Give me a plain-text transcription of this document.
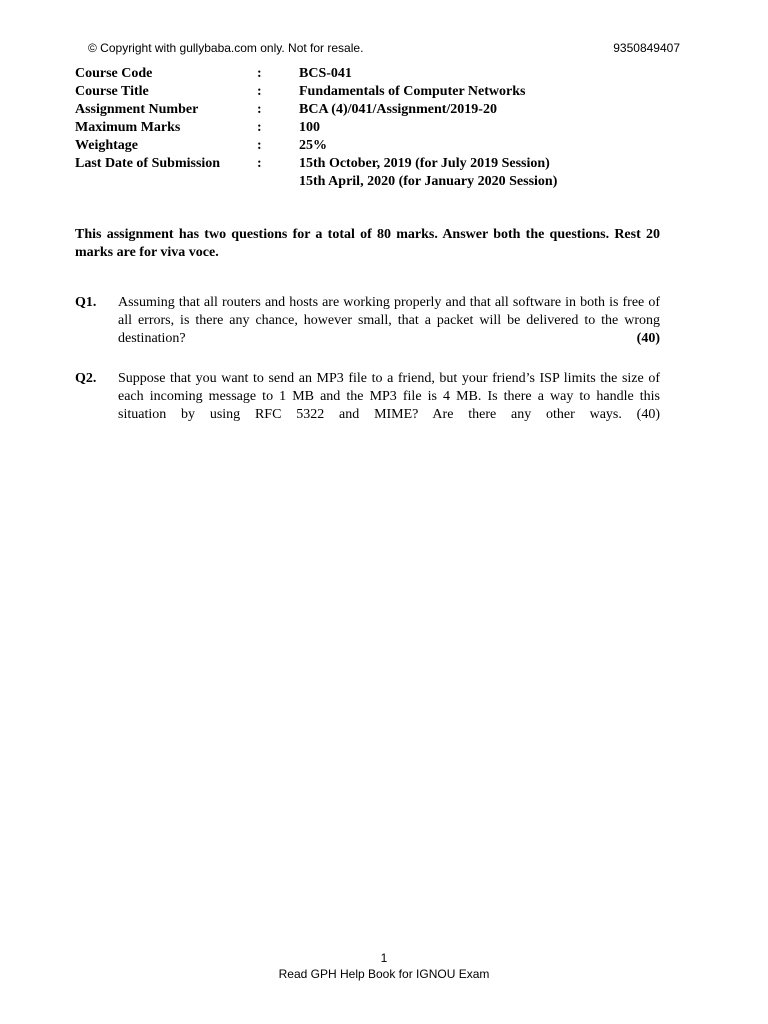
© Copyright with gullybaba.com only. Not for resale.	9350849407
Course Code	:	BCS-041
Course Title	:	Fundamentals of Computer Networks
Assignment Number	:	BCA (4)/041/Assignment/2019-20
Maximum Marks	:	100
Weightage	:	25%
Last Date of Submission	:	15th October, 2019 (for July 2019 Session)
15th April, 2020 (for January 2020 Session)

This assignment has two questions for a total of 80 marks. Answer both the questions. Rest 20 marks are for viva voce.

Q1.	Assuming that all routers and hosts are working properly and that all software in both is free of all errors, is there any chance, however small, that a packet will be delivered to the wrong destination?	(40)
Q2.	Suppose that you want to send an MP3 file to a friend, but your friend’s ISP limits the size of each incoming message to 1 MB and the MP3 file is 4 MB. Is there a way to handle this situation by using RFC 5322 and MIME? Are there any other ways. (40)
1
Read GPH Help Book for IGNOU Exam
